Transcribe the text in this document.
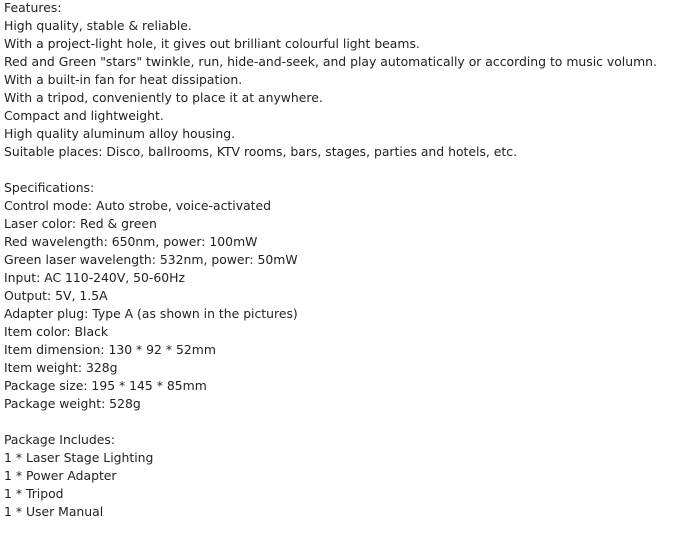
Features:
High quality, stable & reliable.
With a project-light hole, it gives out brilliant colourful light beams.
Red and Green "stars" twinkle, run, hide-and-seek, and play automatically or according to music volumn.
With a built-in fan for heat dissipation.
With a tripod, conveniently to place it at anywhere.
Compact and lightweight.
High quality aluminum alloy housing.
Suitable places: Disco, ballrooms, KTV rooms, bars, stages, parties and hotels, etc.
Specifications:
Control mode: Auto strobe, voice-activated
Laser color: Red & green
Red wavelength: 650nm, power: 100mW
Green laser wavelength: 532nm, power: 50mW
Input: AC 110-240V, 50-60Hz
Output: 5V, 1.5A
Adapter plug: Type A (as shown in the pictures)
Item color: Black
Item dimension: 130 * 92 * 52mm
Item weight: 328g
Package size: 195 * 145 * 85mm
Package weight: 528g
Package Includes:
1 * Laser Stage Lighting
1 * Power Adapter
1 * Tripod
1 * User Manual
